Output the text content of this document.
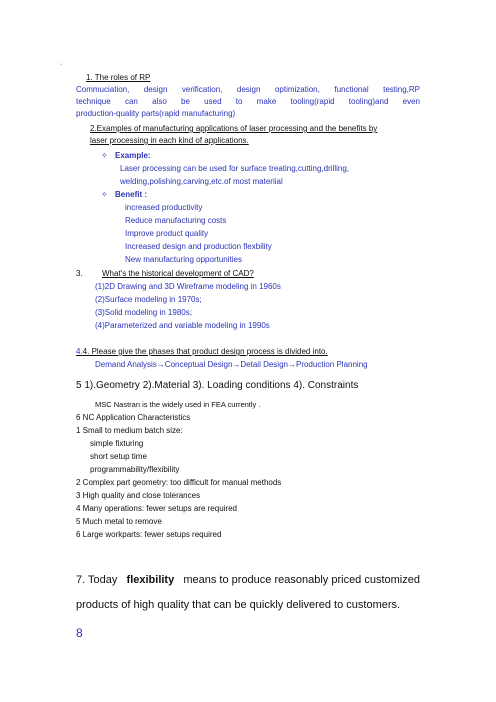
·
1. The roles of RP
Commuciation, design verification, design optimization, functional testing,RP
technique can also be used to make tooling(rapid tooling)and even
production-quality parts(rapid manufacturing)
2.Examples of manufacturing applications of laser processing and the benefits by
laser processing in each kind of applications.
✧ Example:
Laser processing can be used for surface treating,cutting,drilling,
welding,polishing,carving,etc.of most materiial
✧ Benefit :
increased productivity
Reduce manufacturing costs
Improve product quality
Increased design and production flexbility
New manufacturing opportunities
3. What's the historical development of CAD?
(1)2D Drawing and 3D Wireframe modeling in 1960s
(2)Surface modeling in 1970s;
(3)Solid modeling in 1980s;
(4)Parameterized and variable modeling in 1990s
4.4. Please give the phases that product design process is divided into.
Demand Analysis→Conceptual Design→Detail Design→Production Planning
5 1).Geometry 2).Material 3). Loading conditions 4). Constraints
MSC Nastran is the widely used in FEA currently .
6 NC Application Characteristics
1 Small to medium batch size:
simple fixturing
short setup time
programmability/flexibility
2 Complex part geometry: too difficult for manual methods
3 High quality and close tolerances
4 Many operations: fewer setups are required
5 Much metal to remove
6 Large workparts: fewer setups required
7. Today flexibility means to produce reasonably priced customized
products of high quality that can be quickly delivered to customers.
8
